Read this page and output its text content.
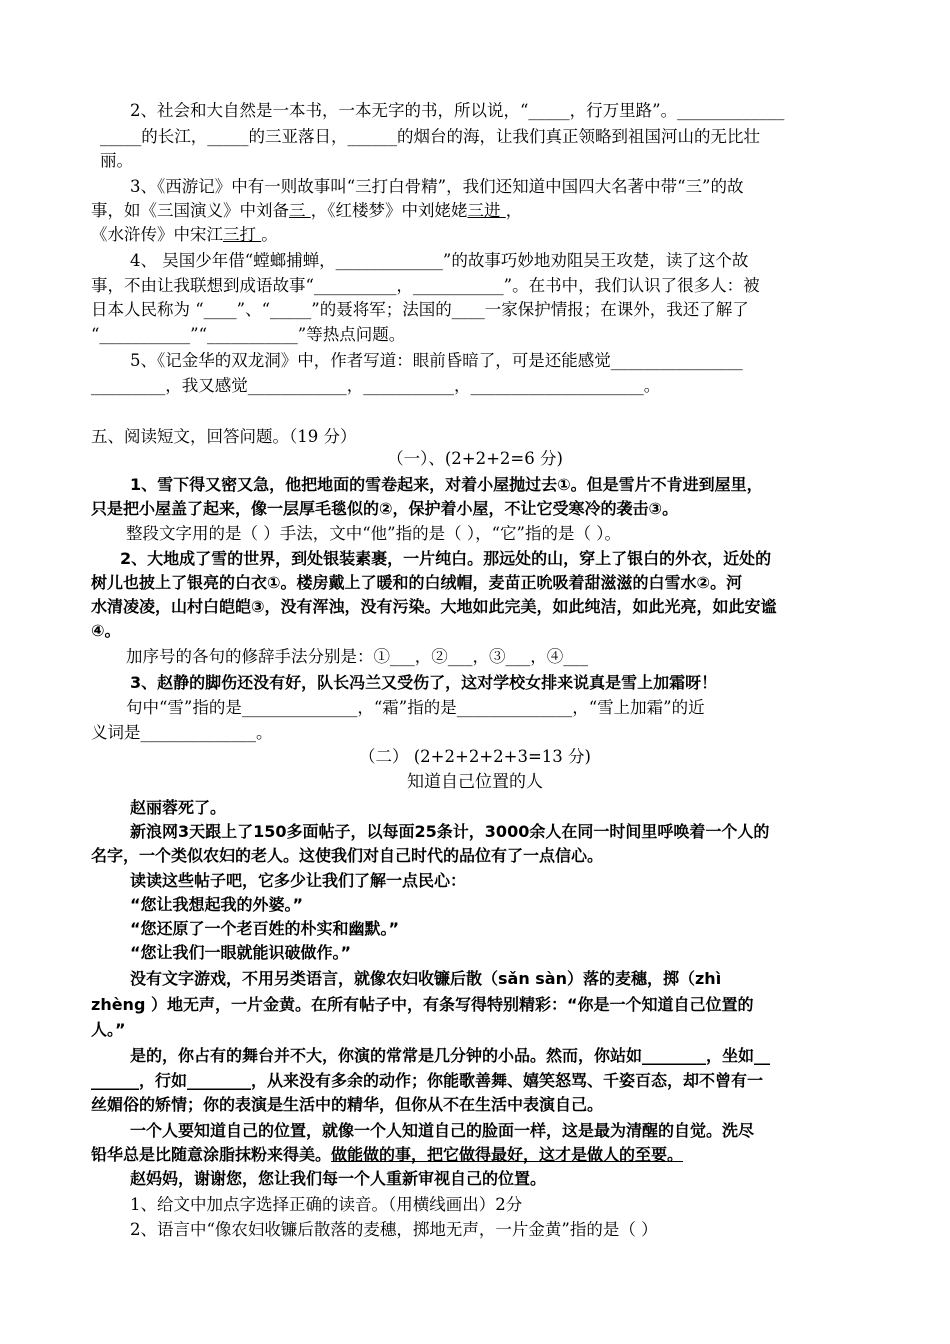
2、社会和大自然是一本书，一本无字的书，所以说，“_____，行万里路”。_____________
_____的长江，_____的三亚落日，______的烟台的海，让我们真正领略到祖国河山的无比壮
丽。
3、《西游记》中有一则故事叫“三打白骨精”，我们还知道中国四大名著中带“三”的故
事，如《三国演义》中刘备三 ，《红楼梦》中刘姥姥三进 ，
《水浒传》中宋江三打 。
4、 吴国少年借“螳螂捕蝉，_____________”的故事巧妙地劝阻吴王攻楚，读了这个故
事，不由让我联想到成语故事“__________，___________”。在书中，我们认识了很多人：被
日本人民称为 “____”、“_____”的聂将军；法国的____一家保护情报；在课外，我还了解了
“___________”“___________”等热点问题。
5、《记金华的双龙洞》中，作者写道：眼前昏暗了，可是还能感觉________________
_________，我又感觉____________，___________，_____________________。
五、阅读短文，回答问题。（19 分）
（一）、(2+2+2=6 分)
1、雪下得又密又急，他把地面的雪卷起来，对着小屋抛过去①。但是雪片不肯进到屋里，
只是把小屋盖了起来，像一层厚毛毯似的②，保护着小屋，不让它受寒冷的袭击③。
整段文字用的是（ ）手法，文中“他”指的是（ ），“它”指的是（ ）。
2、大地成了雪的世界，到处银装素裹，一片纯白。那远处的山，穿上了银白的外衣，近处的
树儿也披上了银亮的白衣①。楼房戴上了暖和的白绒帽，麦苗正吮吸着甜滋滋的白雪水②。河
水清凌凌，山村白皑皑③，没有浑浊，没有污染。大地如此完美，如此纯洁，如此光亮，如此安谧
④。
加序号的各句的修辞手法分别是：①___，②___，③___，④___
3、赵静的脚伤还没有好，队长冯兰又受伤了，这对学校女排来说真是雪上加霜呀！
句中“雪”指的是______________，“霜”指的是______________，“雪上加霜”的近
义词是______________。
（二） (2+2+2+2+3=13 分)
知道自己位置的人
赵丽蓉死了。
新浪网3天跟上了150多面帖子，以每面25条计，3000余人在同一时间里呼唤着一个人的
名字，一个类似农妇的老人。这使我们对自己时代的品位有了一点信心。
读读这些帖子吧，它多少让我们了解一点民心：
“您让我想起我的外婆。”
“您还原了一个老百姓的朴实和幽默。”
“您让我们一眼就能识破做作。”
没有文字游戏，不用另类语言，就像农妇收镰后散（sǎn sàn）落的麦穗，掷（zhì
zhèng ）地无声，一片金黄。在所有帖子中，有条写得特别精彩：“你是一个知道自己位置的
人。”
是的，你占有的舞台并不大，你演的常常是几分钟的小品。然而，你站如________，坐如__
______，行如________，从来没有多余的动作；你能歌善舞、嬉笑怒骂、千姿百态，却不曾有一
丝媚俗的矫情；你的表演是生活中的精华，但你从不在生活中表演自己。
一个人要知道自己的位置，就像一个人知道自己的脸面一样，这是最为清醒的自觉。洗尽
铅华总是比随意涂脂抹粉来得美。做能做的事，把它做得最好，这才是做人的至要。
赵妈妈，谢谢您，您让我们每一个人重新审视自己的位置。
1、给文中加点字选择正确的读音。（用横线画出）2分
2、语言中“像农妇收镰后散落的麦穗，掷地无声，一片金黄”指的是（ ）
